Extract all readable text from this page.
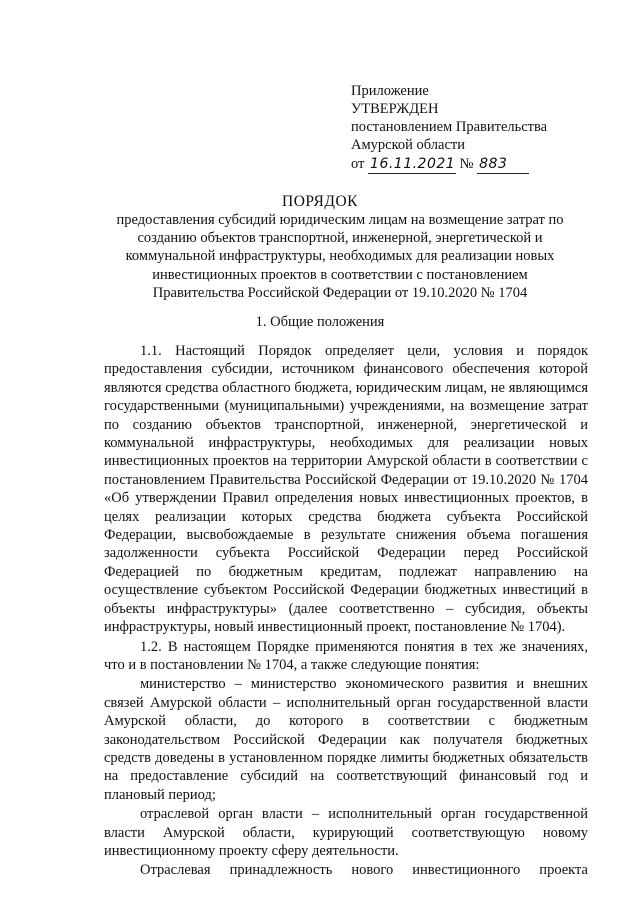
Приложение
УТВЕРЖДЕН
постановлением Правительства
Амурской области
от 16.11.2021 № 883
ПОРЯДОК
предоставления субсидий юридическим лицам на возмещение затрат по созданию объектов транспортной, инженерной, энергетической и коммунальной инфраструктуры, необходимых для реализации новых инвестиционных проектов в соответствии с постановлением Правительства Российской Федерации от 19.10.2020 № 1704
1. Общие положения

1.1. Настоящий Порядок определяет цели, условия и порядок предоставления субсидии, источником финансового обеспечения которой являются средства областного бюджета, юридическим лицам, не являющимся государственными (муниципальными) учреждениями, на возмещение затрат по созданию объектов транспортной, инженерной, энергетической и коммунальной инфраструктуры, необходимых для реализации новых инвестиционных проектов на территории Амурской области в соответствии с постановлением Правительства Российской Федерации от 19.10.2020 № 1704 «Об утверждении Правил определения новых инвестиционных проектов, в целях реализации которых средства бюджета субъекта Российской Федерации, высвобождаемые в результате снижения объема погашения задолженности субъекта Российской Федерации перед Российской Федерацией по бюджетным кредитам, подлежат направлению на осуществление субъектом Российской Федерации бюджетных инвестиций в объекты инфраструктуры» (далее соответственно – субсидия, объекты инфраструктуры, новый инвестиционный проект, постановление № 1704).

1.2. В настоящем Порядке применяются понятия в тех же значениях, что и в постановлении № 1704, а также следующие понятия:

министерство – министерство экономического развития и внешних связей Амурской области – исполнительный орган государственной власти Амурской области, до которого в соответствии с бюджетным законодательством Российской Федерации как получателя бюджетных средств доведены в установленном порядке лимиты бюджетных обязательств на предоставление субсидий на соответствующий финансовый год и плановый период;

отраслевой орган власти – исполнительный орган государственной власти Амурской области, курирующий соответствующую новому инвестиционному проекту сферу деятельности.

Отраслевая принадлежность нового инвестиционного проекта
